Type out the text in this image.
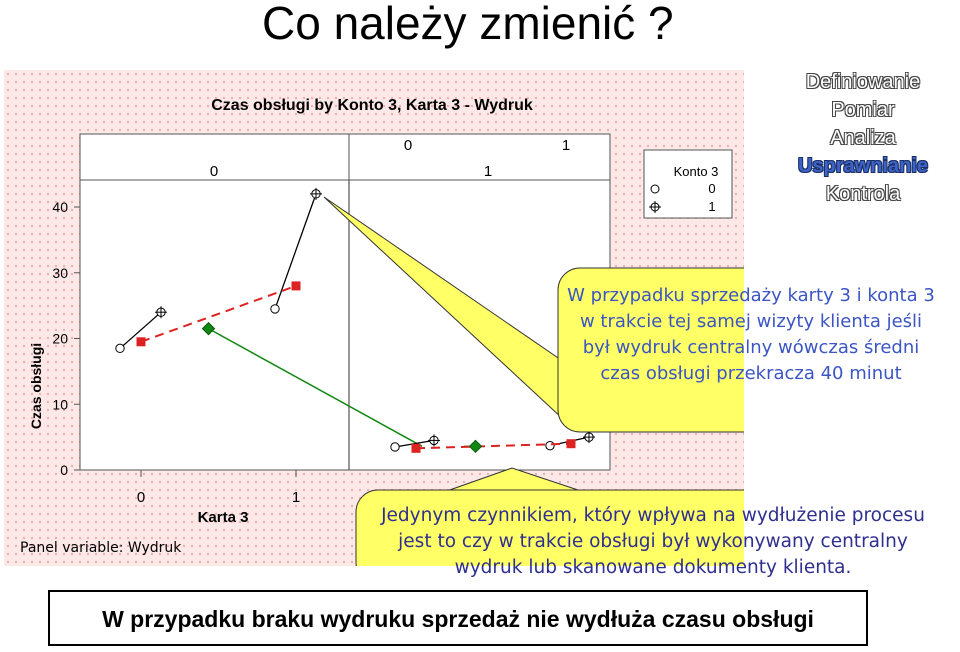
Co należy zmienić ?
Czas obsługi by Konto 3, Karta 3 - Wydruk
0	1
0	1
Czas obsługi
0
10
20
30
40
0	1
Karta 3
Panel variable: Wydruk
Konto 3
0
1
W przypadku sprzedaży karty 3 i konta 3 w trakcie tej samej wizyty klienta jeśli był wydruk centralny wówczas średni czas obsługi przekracza 40 minut
Jedynym czynnikiem, który wpływa na wydłużenie procesu jest to czy w trakcie obsługi był wykonywany centralny wydruk lub skanowane dokumenty klienta.
Definiowanie
Pomiar
Analiza
Usprawnianie
Kontrola
W przypadku braku wydruku sprzedaż nie wydłuża czasu obsługi
